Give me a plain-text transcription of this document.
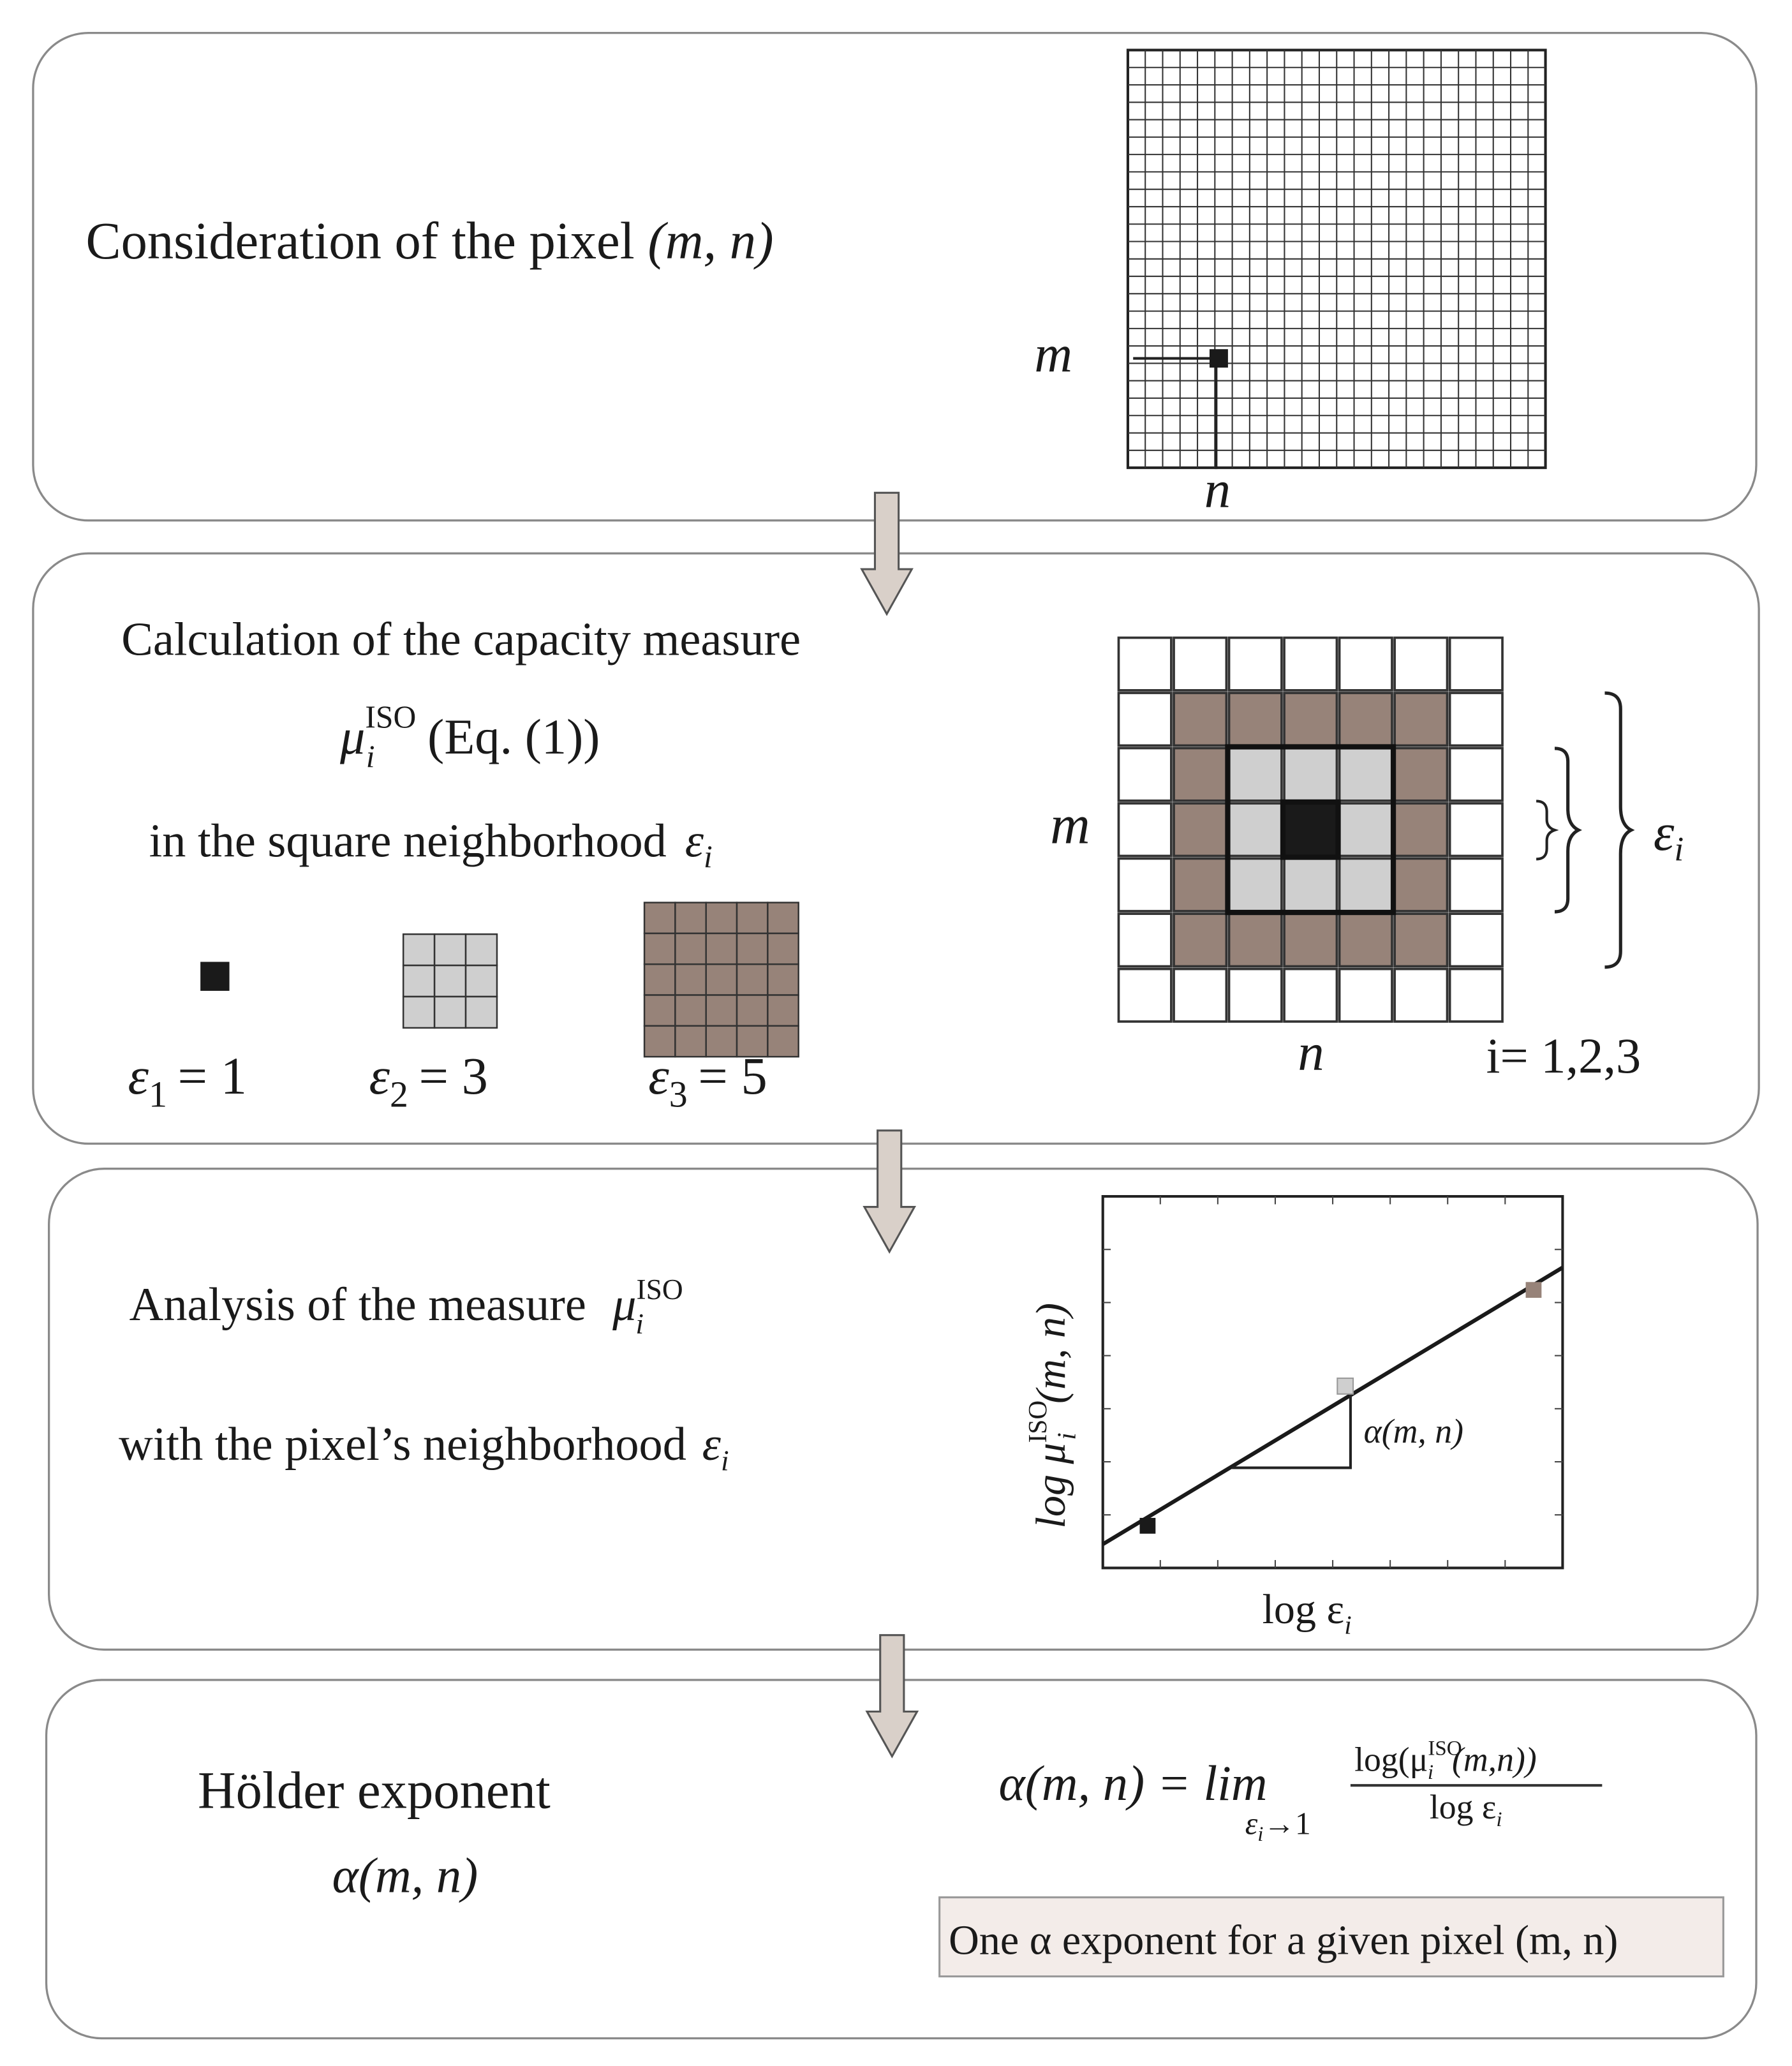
Consideration of the pixel (m, n)
m
n
Calculation of the capacity measure
$\mu^{ISO}$ i (Eq. (1))
in the square neighborhood $\varepsilon_i$
$\varepsilon_1 = 1$	$\varepsilon_2 = 3$	$\varepsilon_3 = 5$
m
n
$\varepsilon_i$
i= 1,2,3
Analysis of the measure $\mu^{ISO}$ i
with the pixel’s neighborhood $\varepsilon_i$
α(m, n)
$\log \mu^{ISO}i(m$, n)
$\log \varepsilon_i$
Hölder exponent
α(m, n)
α(m, n) = lim
$\varepsilon_i\to 1$
$\log(\mu^{ISO}$ i (m,n))
$\log \varepsilon_i$
One α exponent for a given pixel (m, n)
